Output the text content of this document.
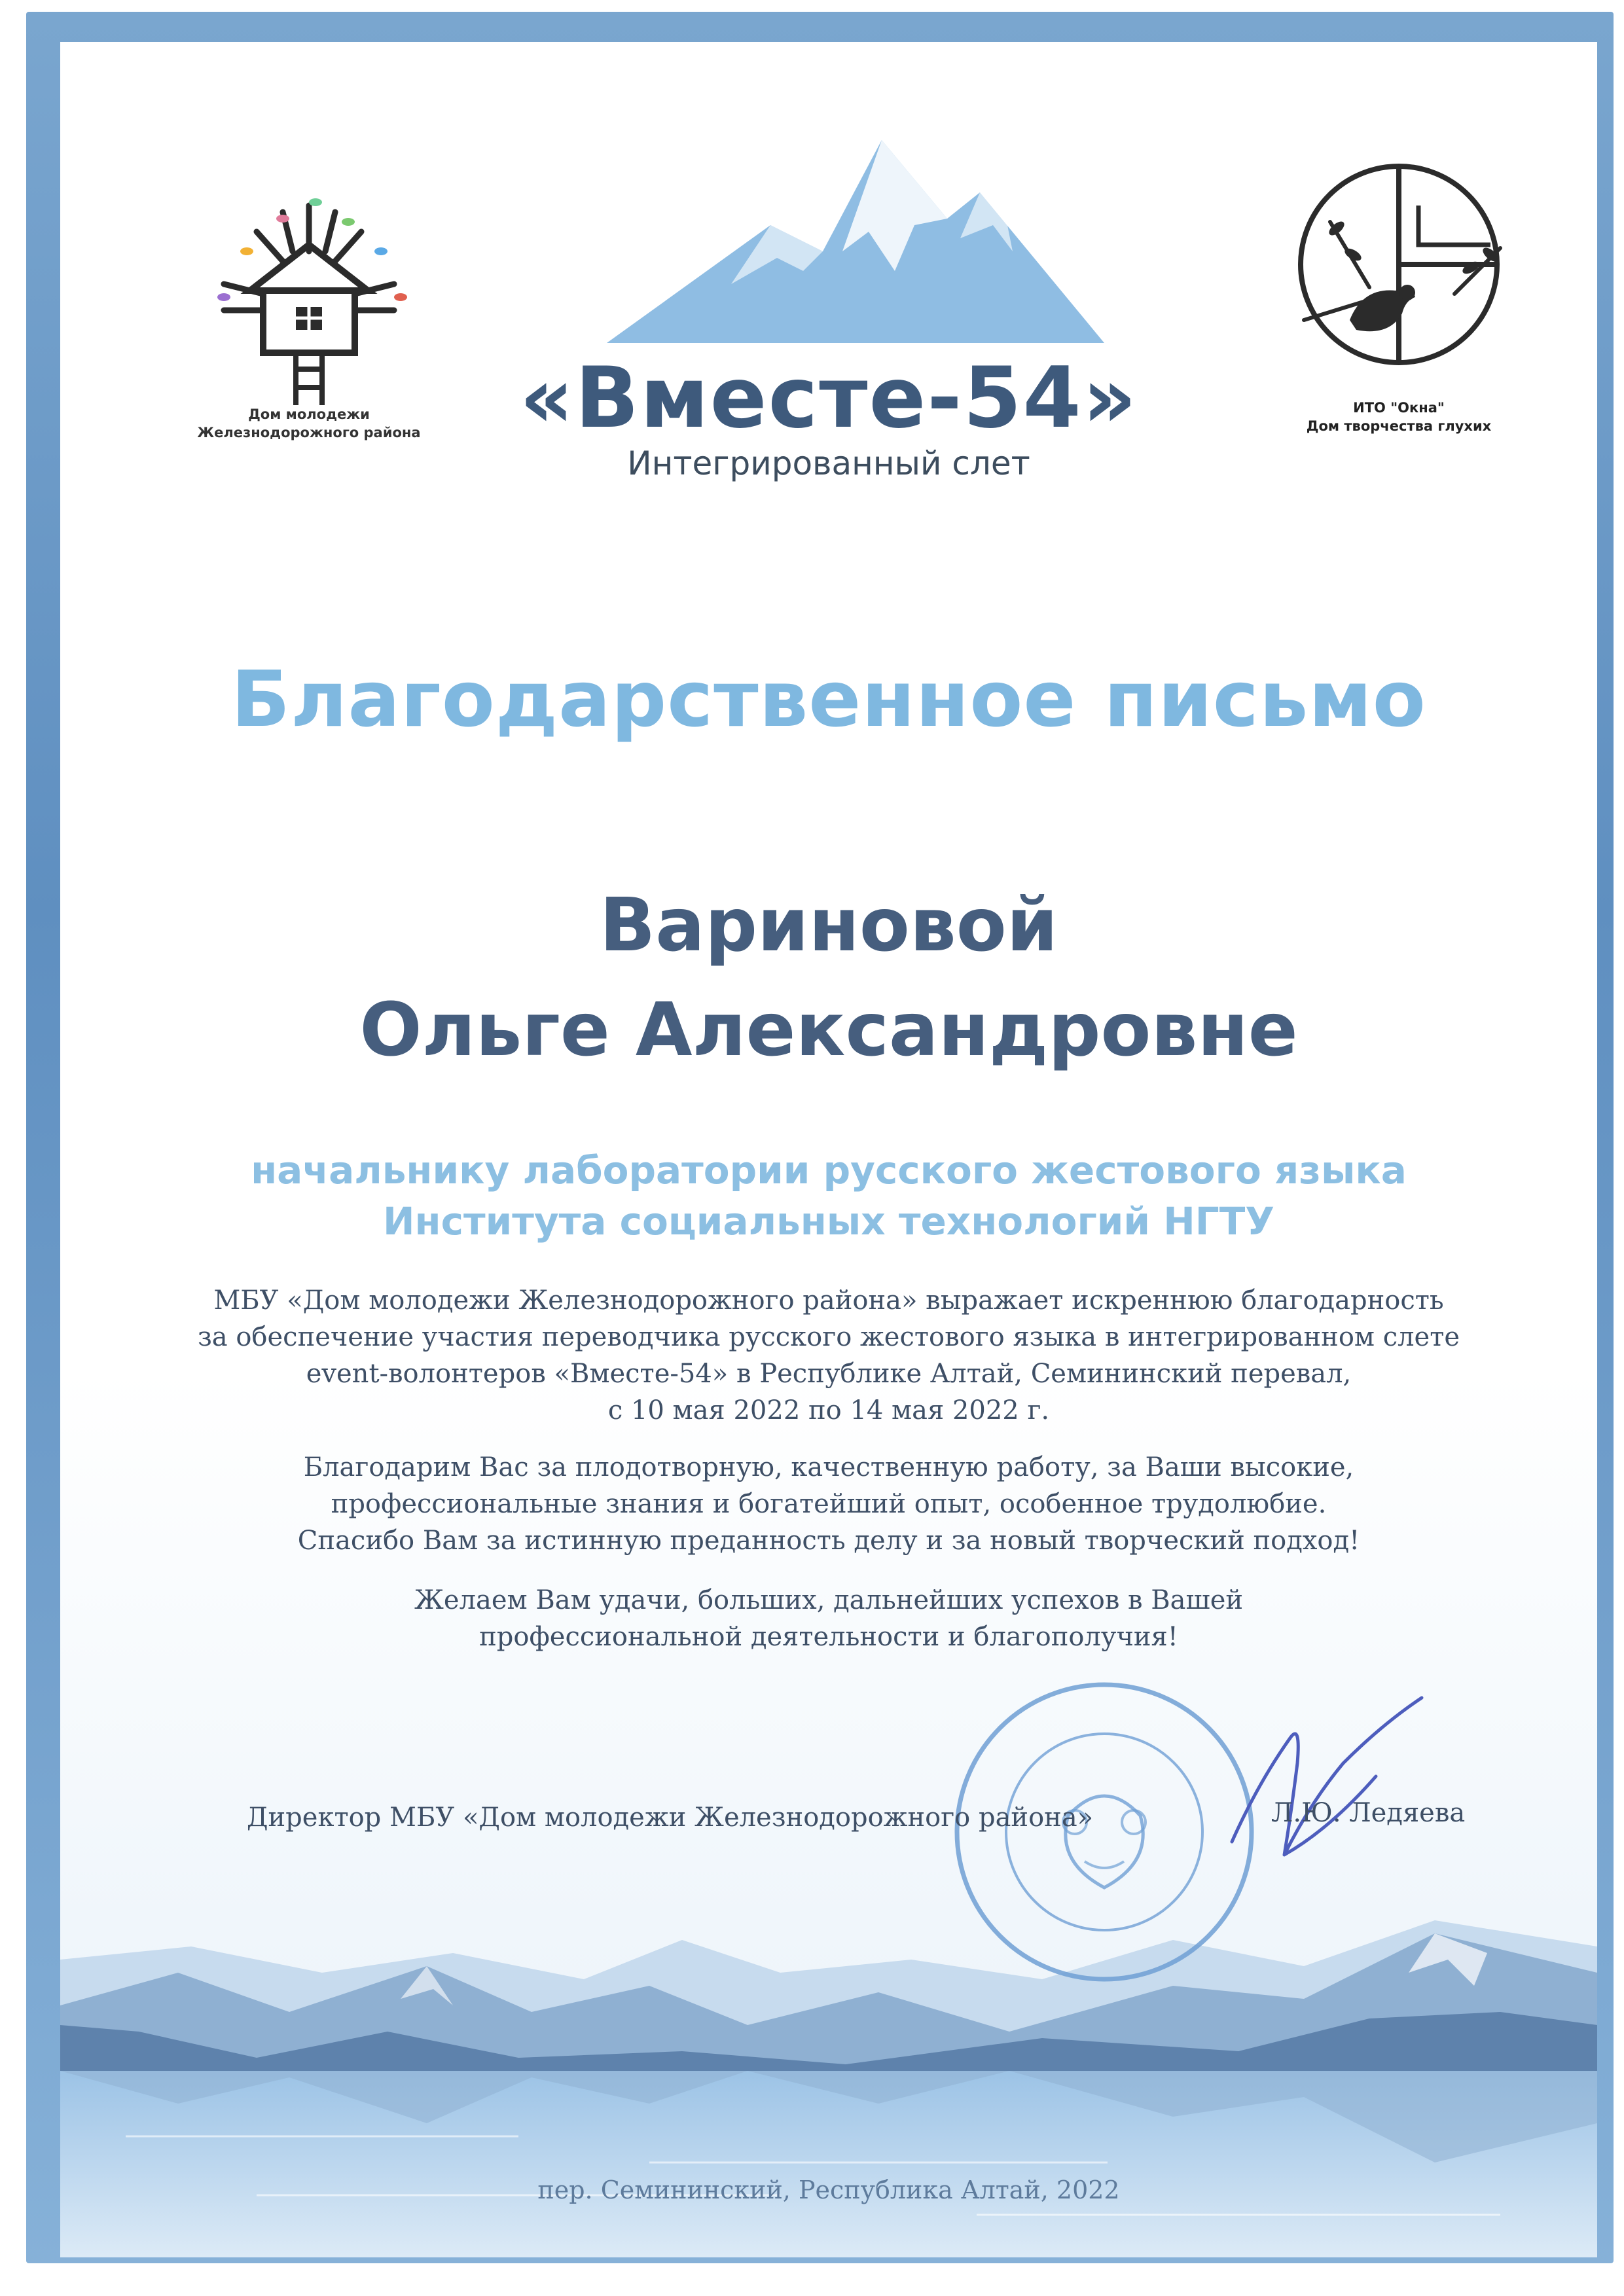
Дом молодежи
Железнодорожного района	«Вместе-54»
Интегрированный слет
ИТО "Окна"
Дом творчества глухих
Благодарственное письмо
Вариновой
Ольге Александровне
начальнику лаборатории русского жестового языка
Института социальных технологий НГТУ
МБУ «Дом молодежи Железнодорожного района» выражает искреннюю благодарность
за обеспечение участия переводчика русского жестового языка в интегрированном слете
event-волонтеров «Вместе-54» в Республике Алтай, Семининский перевал,
с 10 мая 2022 по 14 мая 2022 г.
Благодарим Вас за плодотворную, качественную работу, за Ваши высокие,
профессиональные знания и богатейший опыт, особенное трудолюбие.
Спасибо Вам за истинную преданность делу и за новый творческий подход!
Желаем Вам удачи, больших, дальнейших успехов в Вашей
профессиональной деятельности и благополучия!
Директор МБУ «Дом молодежи Железнодорожного района»	Л.Ю. Ледяева
пер. Семининский, Республика Алтай, 2022
